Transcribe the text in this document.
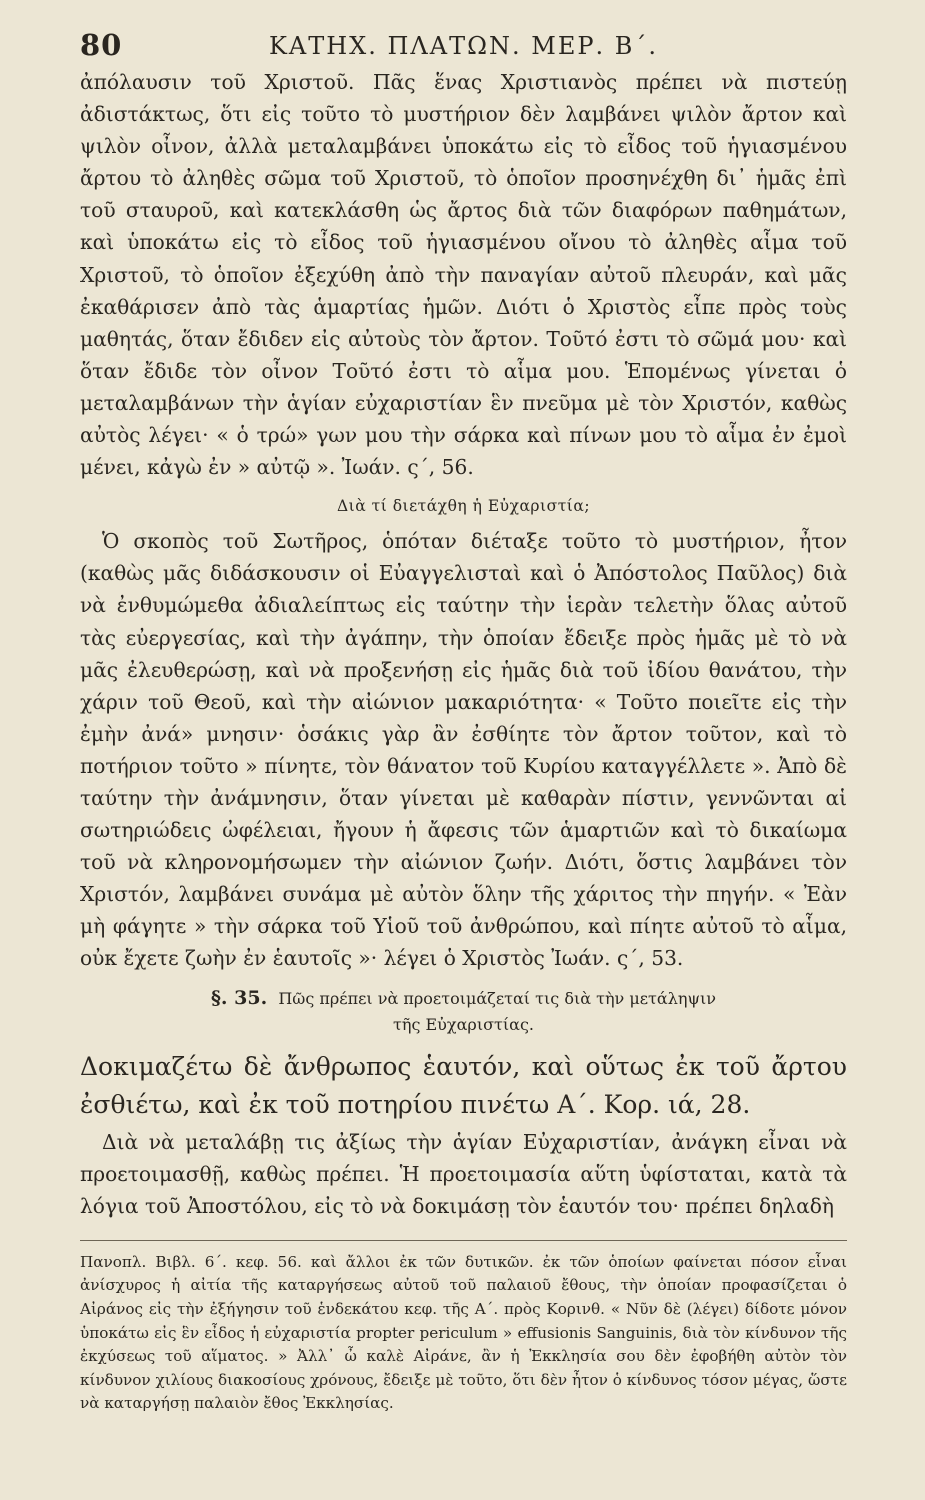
80	ΚΑΤΗΧ. ΠΛΑΤΩΝ. ΜΕΡ. Β΄.

ἀπόλαυσιν τοῦ Χριστοῦ. Πᾶς ἕνας Χριστιανὸς πρέπει νὰ πιστεύῃ ἀδιστάκτως, ὅτι εἰς τοῦτο τὸ μυστήριον δὲν λαμβάνει ψιλὸν ἄρτον καὶ ψιλὸν οἶνον, ἀλλὰ μεταλαμβάνει ὑποκάτω εἰς τὸ εἶδος τοῦ ἡγιασμένου ἄρτου τὸ ἀληθὲς σῶμα τοῦ Χριστοῦ, τὸ ὁποῖον προσηνέχθη δι᾽ ἡμᾶς ἐπὶ τοῦ σταυροῦ, καὶ κατεκλάσθη ὡς ἄρτος διὰ τῶν διαφόρων παθημάτων, καὶ ὑποκάτω εἰς τὸ εἶδος τοῦ ἡγιασμένου οἴνου τὸ ἀληθὲς αἷμα τοῦ Χριστοῦ, τὸ ὁποῖον ἐξεχύθη ἀπὸ τὴν παναγίαν αὐτοῦ πλευράν, καὶ μᾶς ἐκαθάρισεν ἀπὸ τὰς ἁμαρτίας ἡμῶν. Διότι ὁ Χριστὸς εἶπε πρὸς τοὺς μαθητάς, ὅταν ἔδιδεν εἰς αὐτοὺς τὸν ἄρτον. Τοῦτό ἐστι τὸ σῶμά μου· καὶ ὅταν ἔδιδε τὸν οἶνον Τοῦτό ἐστι τὸ αἷμα μου. Ἑπομένως γίνεται ὁ μεταλαμβάνων τὴν ἁγίαν εὐχαριστίαν ἓν πνεῦμα μὲ τὸν Χριστόν, καθὼς αὐτὸς λέγει· « ὁ τρώ» γων μου τὴν σάρκα καὶ πίνων μου τὸ αἷμα ἐν ἐμοὶ μένει, κἀγὼ ἐν » αὐτῷ ». Ἰωάν. ς΄, 56.

Διὰ τί διετάχθη ἡ Εὐχαριστία;

Ὁ σκοπὸς τοῦ Σωτῆρος, ὁπόταν διέταξε τοῦτο τὸ μυστήριον, ἦτον (καθὼς μᾶς διδάσκουσιν οἱ Εὐαγγελισταὶ καὶ ὁ Ἀπόστολος Παῦλος) διὰ νὰ ἐνθυμώμεθα ἀδιαλείπτως εἰς ταύτην τὴν ἱερὰν τελετὴν ὅλας αὐτοῦ τὰς εὐεργεσίας, καὶ τὴν ἀγάπην, τὴν ὁποίαν ἔδειξε πρὸς ἡμᾶς μὲ τὸ νὰ μᾶς ἐλευθερώσῃ, καὶ νὰ προξενήσῃ εἰς ἡμᾶς διὰ τοῦ ἰδίου θανάτου, τὴν χάριν τοῦ Θεοῦ, καὶ τὴν αἰώνιον μακαριότητα· « Τοῦτο ποιεῖτε εἰς τὴν ἐμὴν ἀνά» μνησιν· ὁσάκις γὰρ ἂν ἐσθίητε τὸν ἄρτον τοῦτον, καὶ τὸ ποτήριον τοῦτο » πίνητε, τὸν θάνατον τοῦ Κυρίου καταγγέλλετε ». Ἀπὸ δὲ ταύτην τὴν ἀνάμνησιν, ὅταν γίνεται μὲ καθαρὰν πίστιν, γεννῶνται αἱ σωτηριώδεις ὠφέλειαι, ἤγουν ἡ ἄφεσις τῶν ἁμαρτιῶν καὶ τὸ δικαίωμα τοῦ νὰ κληρονομήσωμεν τὴν αἰώνιον ζωήν. Διότι, ὅστις λαμβάνει τὸν Χριστόν, λαμβάνει συνάμα μὲ αὐτὸν ὅλην τῆς χάριτος τὴν πηγήν. « Ἐὰν μὴ φάγητε » τὴν σάρκα τοῦ Υἱοῦ τοῦ ἀνθρώπου, καὶ πίητε αὐτοῦ τὸ αἷμα, οὐκ ἔχετε ζωὴν ἐν ἑαυτοῖς »· λέγει ὁ Χριστὸς Ἰωάν. ς΄, 53.

§. 35. Πῶς πρέπει νὰ προετοιμάζεταί τις διὰ τὴν μετάληψιν
τῆς Εὐχαριστίας.
Δοκιμαζέτω δὲ ἄνθρωπος ἑαυτόν, καὶ οὕτως ἐκ τοῦ ἄρτου ἐσθιέτω, καὶ ἐκ τοῦ ποτηρίου πινέτω Α΄. Κορ. ιά, 28.

Διὰ νὰ μεταλάβῃ τις ἀξίως τὴν ἁγίαν Εὐχαριστίαν, ἀνάγκη εἶναι νὰ προετοιμασθῇ, καθὼς πρέπει. Ἡ προετοιμασία αὕτη ὑφίσταται, κατὰ τὰ λόγια τοῦ Ἀποστόλου, εἰς τὸ νὰ δοκιμάσῃ τὸν ἑαυτόν του· πρέπει δηλαδὴ

Πανοπλ. Βιβλ. 6΄. κεφ. 56. καὶ ἄλλοι ἐκ τῶν δυτικῶν. ἐκ τῶν ὁποίων φαίνεται πόσον εἶναι ἀνίσχυρος ἡ αἰτία τῆς καταργήσεως αὐτοῦ τοῦ παλαιοῦ ἔθους, τὴν ὁποίαν προφασίζεται ὁ Αἰράνος εἰς τὴν ἐξήγησιν τοῦ ἑνδεκάτου κεφ. τῆς Α΄. πρὸς Κορινθ. « Νῦν δὲ (λέγει) δίδοτε μόνον ὑποκάτω εἰς ἓν εἶδος ἡ εὐχαριστία propter periculum » effusionis Sanguinis, διὰ τὸν κίνδυνον τῆς ἐκχύσεως τοῦ αἵματος. » Ἀλλ᾽ ὦ καλὲ Αἰράνε, ἂν ἡ Ἐκκλησία σου δὲν ἐφοβήθη αὐτὸν τὸν κίνδυνον χιλίους διακοσίους χρόνους, ἔδειξε μὲ τοῦτο, ὅτι δὲν ἦτον ὁ κίνδυνος τόσον μέγας, ὥστε νὰ καταργήσῃ παλαιὸν ἔθος Ἐκκλησίας.
